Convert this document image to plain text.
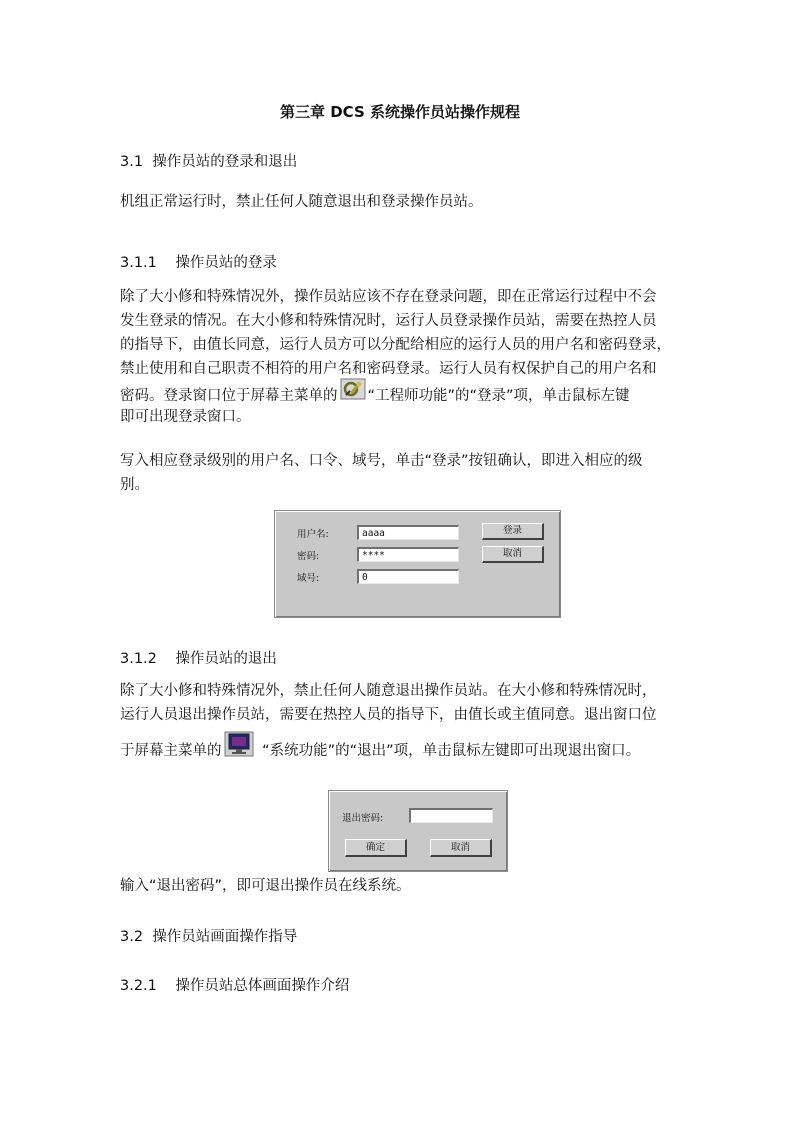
第三章 DCS 系统操作员站操作规程
3.1 操作员站的登录和退出
机组正常运行时，禁止任何人随意退出和登录操作员站。
3.1.1 操作员站的登录
除了大小修和特殊情况外，操作员站应该不存在登录问题，即在正常运行过程中不会
发生登录的情况。在大小修和特殊情况时，运行人员登录操作员站，需要在热控人员
的指导下，由值长同意，运行人员方可以分配给相应的运行人员的用户名和密码登录，
禁止使用和自己职责不相符的用户名和密码登录。运行人员有权保护自己的用户名和
密码。登录窗口位于屏幕主菜单的 “工程师功能”的“登录”项，单击鼠标左键
即可出现登录窗口。
写入相应登录级别的用户名、口令、域号，单击“登录”按钮确认，即进入相应的级
别。
用户名:	aaaa
密码:	****
域号:	0
登录
取消
3.1.2 操作员站的退出
除了大小修和特殊情况外，禁止任何人随意退出操作员站。在大小修和特殊情况时，
运行人员退出操作员站，需要在热控人员的指导下，由值长或主值同意。退出窗口位
于屏幕主菜单的	“系统功能”的“退出”项，单击鼠标左键即可出现退出窗口。
退出密码:
确定	取消
输入“退出密码”，即可退出操作员在线系统。
3.2 操作员站画面操作指导
3.2.1 操作员站总体画面操作介绍
